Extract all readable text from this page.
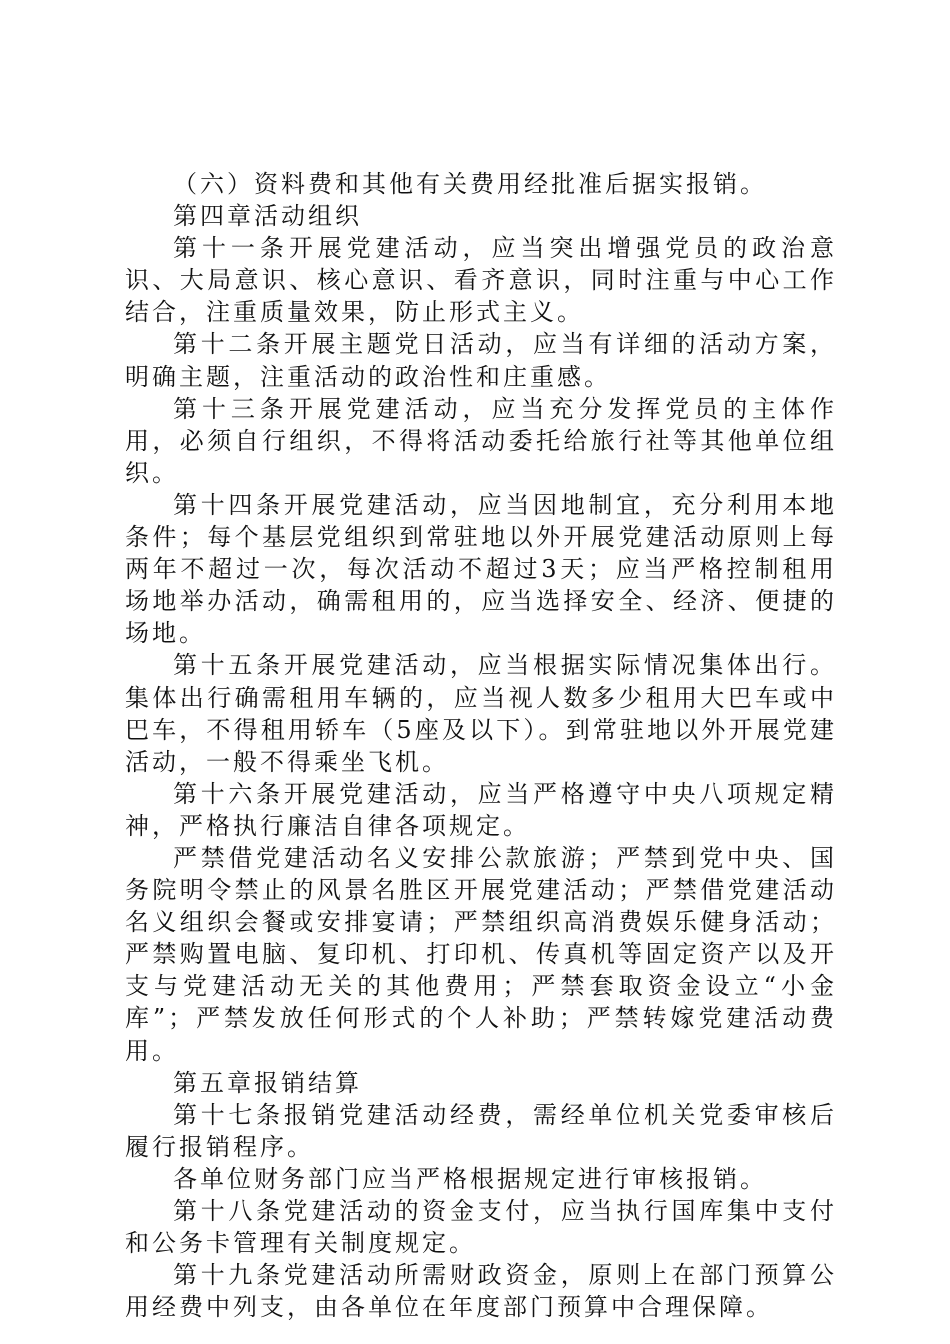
（六）资料费和其他有关费用经批准后据实报销。

第四章活动组织

第十一条开展党建活动，应当突出增强党员的政治意识、大局意识、核心意识、看齐意识，同时注重与中心工作结合，注重质量效果，防止形式主义。

第十二条开展主题党日活动，应当有详细的活动方案，明确主题，注重活动的政治性和庄重感。

第十三条开展党建活动，应当充分发挥党员的主体作用，必须自行组织，不得将活动委托给旅行社等其他单位组织。

第十四条开展党建活动，应当因地制宜，充分利用本地条件；每个基层党组织到常驻地以外开展党建活动原则上每两年不超过一次，每次活动不超过3天；应当严格控制租用场地举办活动，确需租用的，应当选择安全、经济、便捷的场地。

第十五条开展党建活动，应当根据实际情况集体出行。集体出行确需租用车辆的，应当视人数多少租用大巴车或中巴车，不得租用轿车（5座及以下）。到常驻地以外开展党建活动，一般不得乘坐飞机。

第十六条开展党建活动，应当严格遵守中央八项规定精神，严格执行廉洁自律各项规定。

严禁借党建活动名义安排公款旅游；严禁到党中央、国务院明令禁止的风景名胜区开展党建活动；严禁借党建活动名义组织会餐或安排宴请；严禁组织高消费娱乐健身活动；严禁购置电脑、复印机、打印机、传真机等固定资产以及开支与党建活动无关的其他费用；严禁套取资金设立“小金库”；严禁发放任何形式的个人补助；严禁转嫁党建活动费用。

第五章报销结算

第十七条报销党建活动经费，需经单位机关党委审核后履行报销程序。

各单位财务部门应当严格根据规定进行审核报销。

第十八条党建活动的资金支付，应当执行国库集中支付和公务卡管理有关制度规定。

第十九条党建活动所需财政资金，原则上在部门预算公用经费中列支，由各单位在年度部门预算中合理保障。
